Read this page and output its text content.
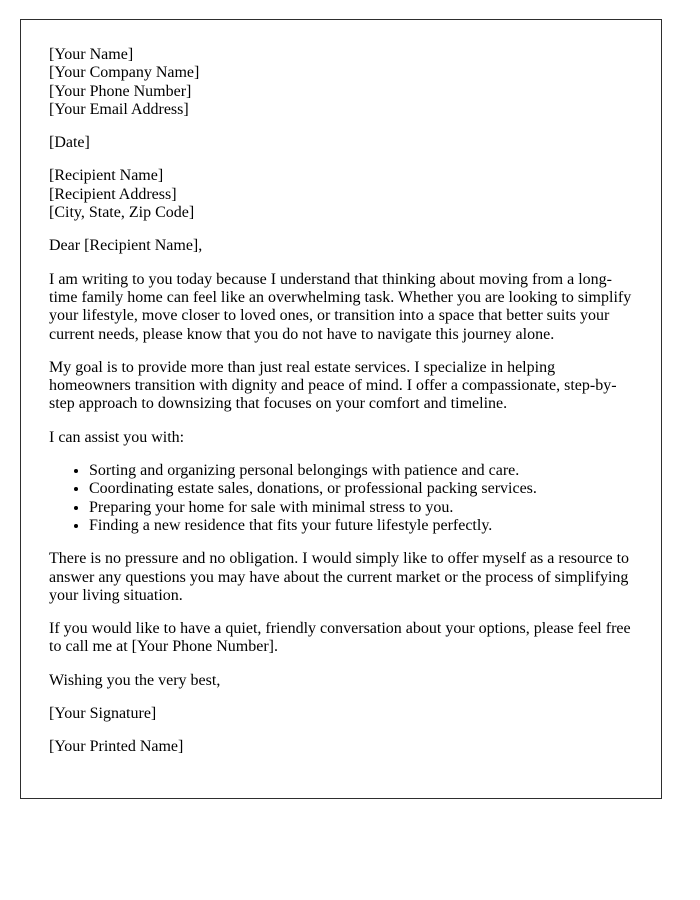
[Your Name]
[Your Company Name]
[Your Phone Number]
[Your Email Address]

[Date]

[Recipient Name]
[Recipient Address]
[City, State, Zip Code]

Dear [Recipient Name],

I am writing to you today because I understand that thinking about moving from a long-time family home can feel like an overwhelming task. Whether you are looking to simplify your lifestyle, move closer to loved ones, or transition into a space that better suits your current needs, please know that you do not have to navigate this journey alone.

My goal is to provide more than just real estate services. I specialize in helping homeowners transition with dignity and peace of mind. I offer a compassionate, step-by-step approach to downsizing that focuses on your comfort and timeline.

I can assist you with:

• Sorting and organizing personal belongings with patience and care.
• Coordinating estate sales, donations, or professional packing services.
• Preparing your home for sale with minimal stress to you.
• Finding a new residence that fits your future lifestyle perfectly.

There is no pressure and no obligation. I would simply like to offer myself as a resource to answer any questions you may have about the current market or the process of simplifying your living situation.

If you would like to have a quiet, friendly conversation about your options, please feel free to call me at [Your Phone Number].

Wishing you the very best,

[Your Signature]

[Your Printed Name]
